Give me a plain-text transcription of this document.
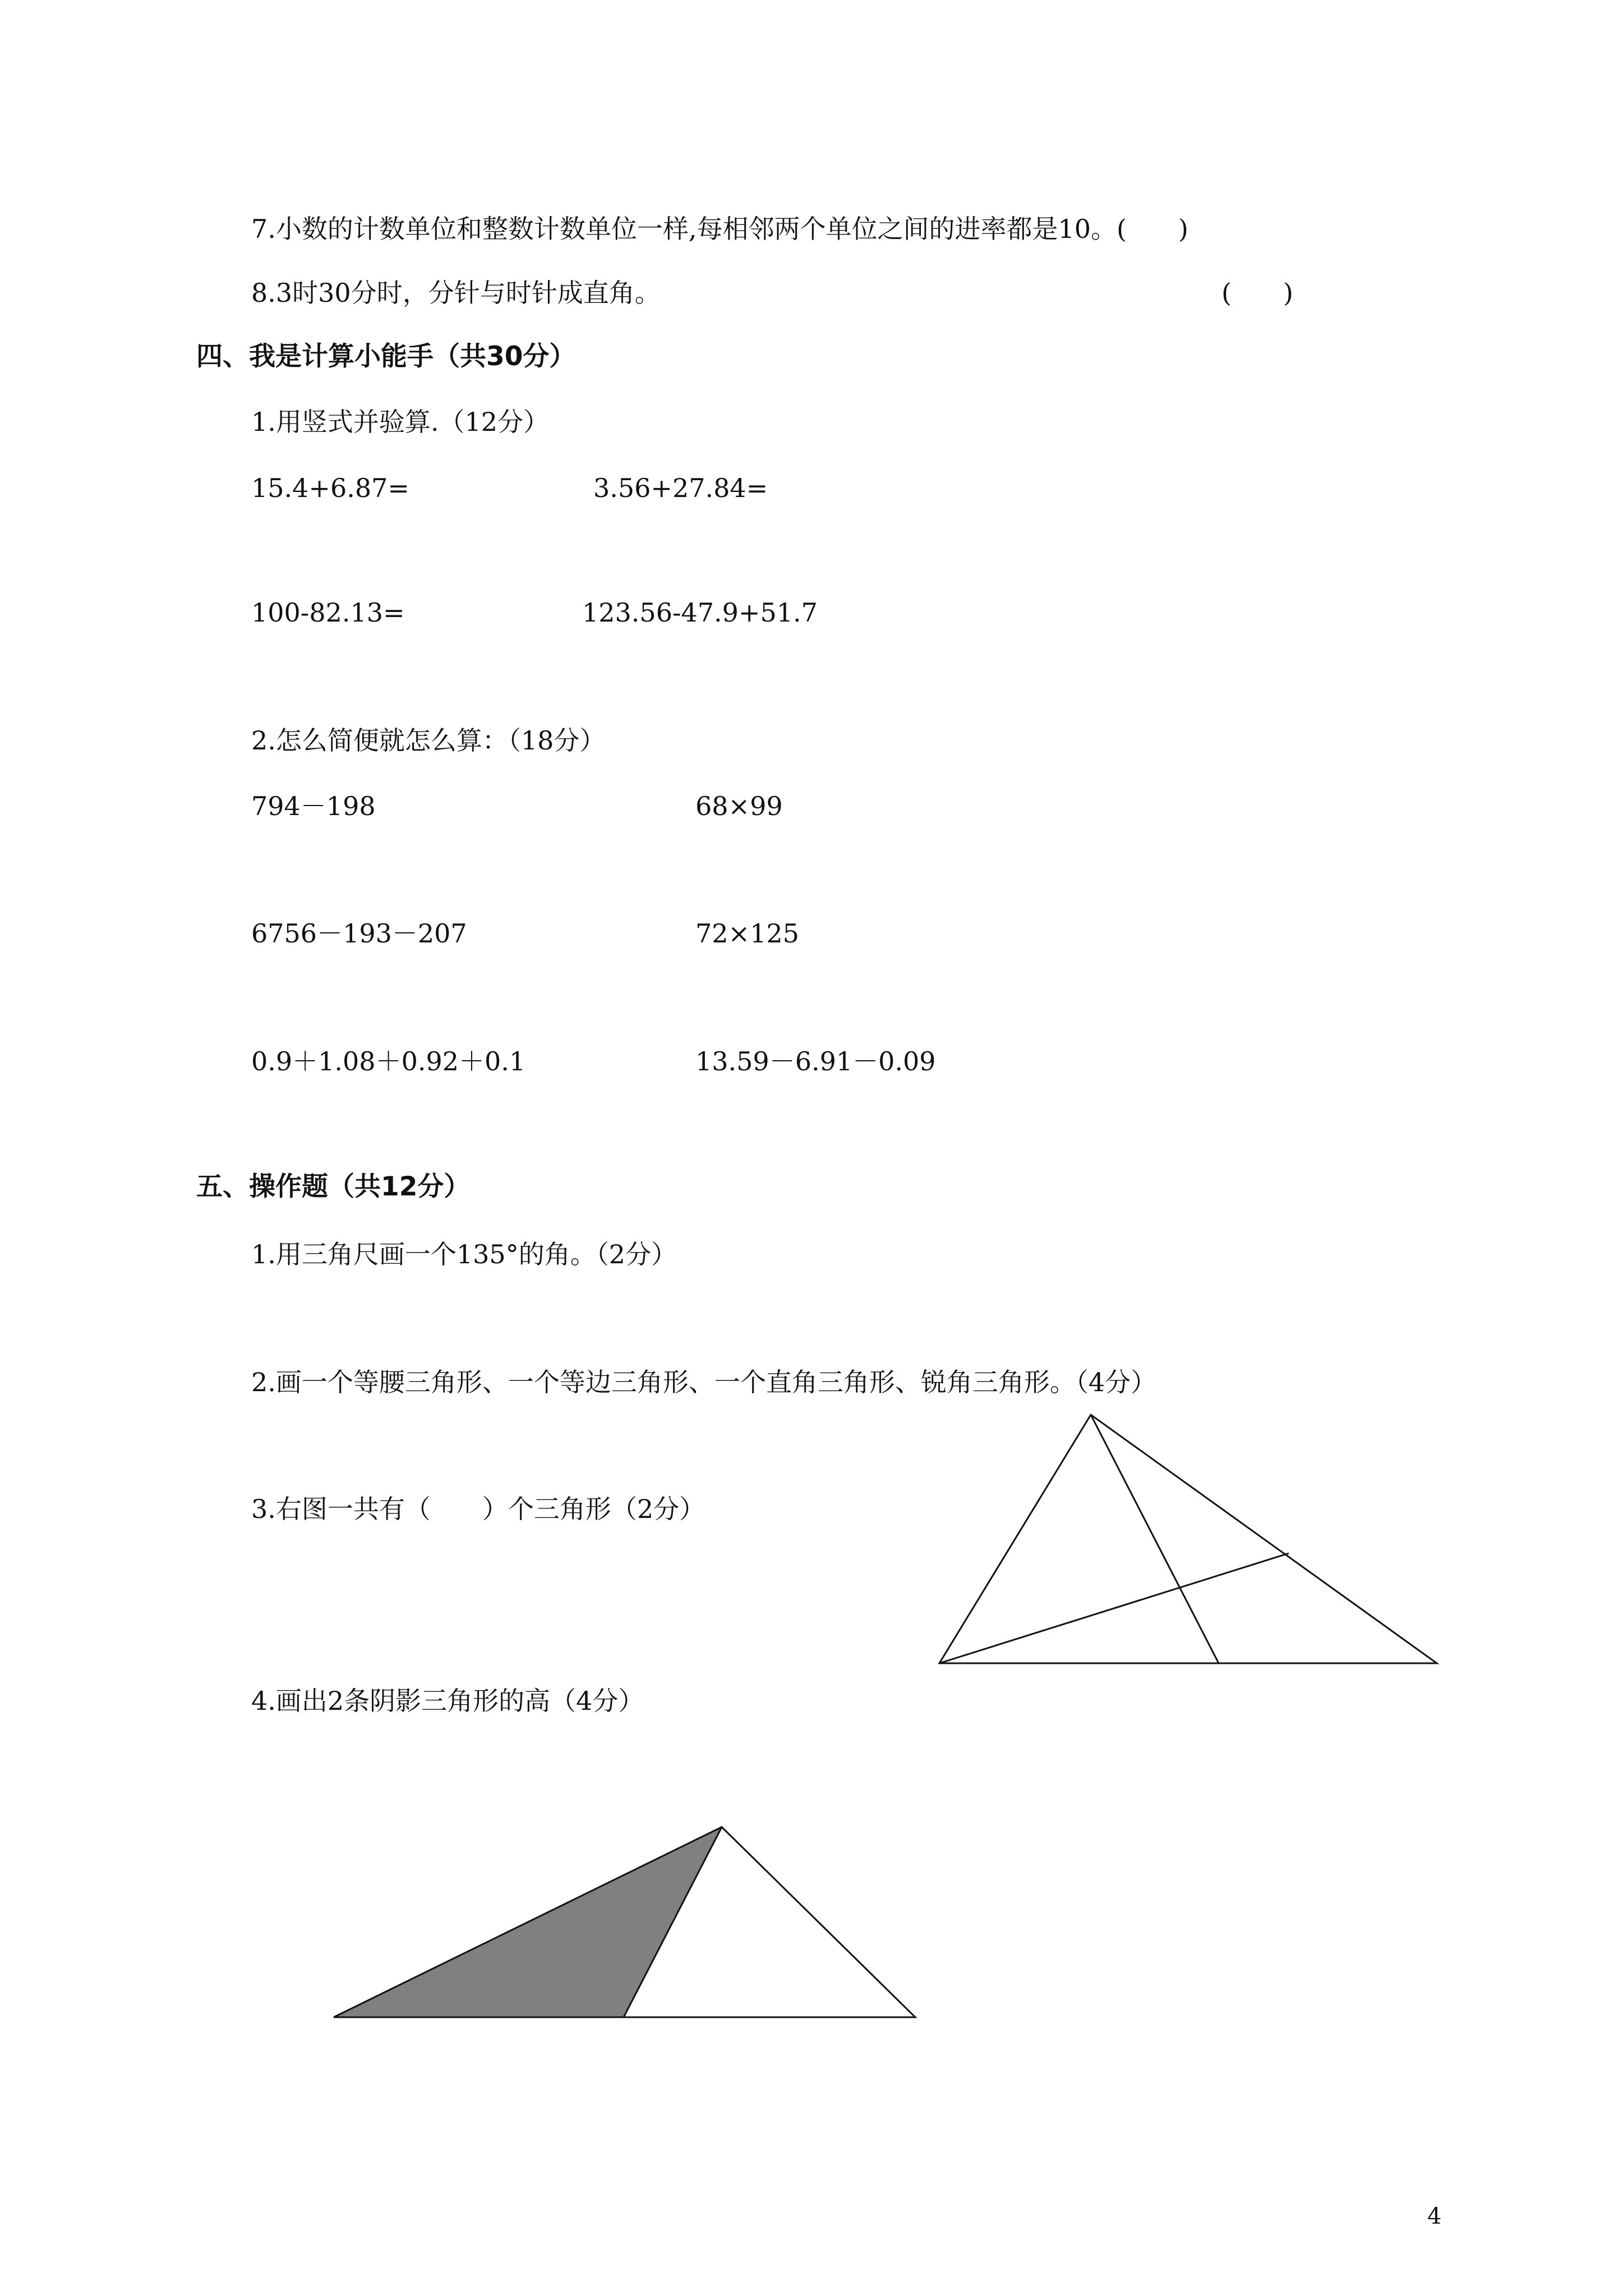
7.小数的计数单位和整数计数单位一样,每相邻两个单位之间的进率都是10。(　　)
8.3时30分时，分针与时针成直角。	(　　)
四、我是计算小能手（共30分）
1.用竖式并验算.（12分）
15.4+6.87=	3.56+27.84=
100-82.13=	123.56-47.9+51.7
2.怎么简便就怎么算：（18分）
794－198	68×99
6756－193－207	72×125
0.9＋1.08＋0.92＋0.1	13.59－6.91－0.09
五、操作题（共12分）
1.用三角尺画一个135°的角。（2分）
2.画一个等腰三角形、一个等边三角形、一个直角三角形、锐角三角形。（4分）
3.右图一共有（　　）个三角形（2分）
4.画出2条阴影三角形的高（4分）
4
